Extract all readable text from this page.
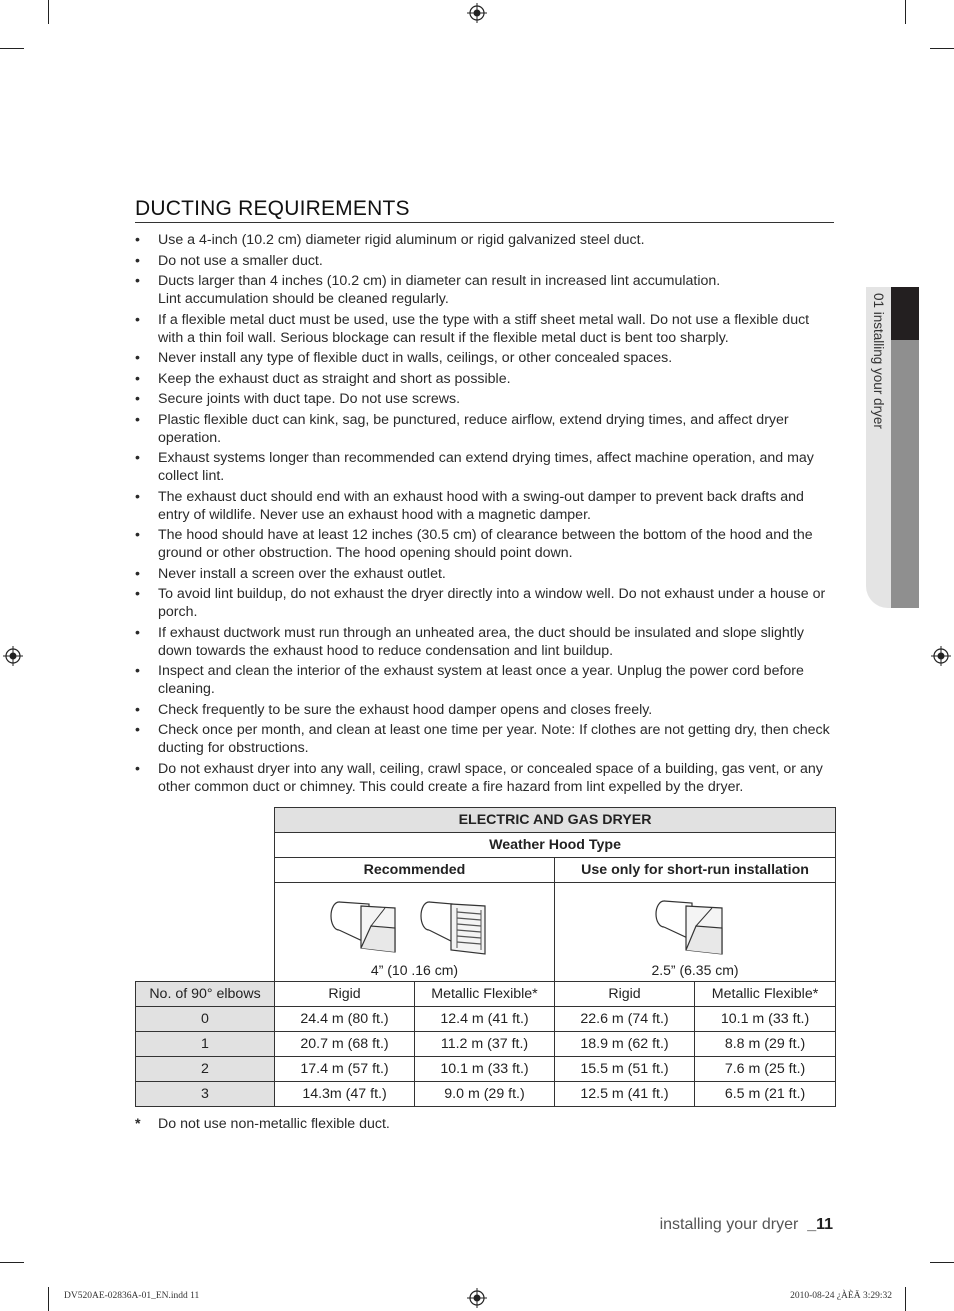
01 installing your dryer
DUCTING REQUIREMENTS
• Use a 4-inch (10.2 cm) diameter rigid aluminum or rigid galvanized steel duct.
• Do not use a smaller duct.
• Ducts larger than 4 inches (10.2 cm) in diameter can result in increased lint accumulation.
Lint accumulation should be cleaned regularly.
• If a flexible metal duct must be used, use the type with a stiff sheet metal wall. Do not use a flexible duct with a thin foil wall. Serious blockage can result if the flexible metal duct is bent too sharply.
• Never install any type of flexible duct in walls, ceilings, or other concealed spaces.
• Keep the exhaust duct as straight and short as possible.
• Secure joints with duct tape. Do not use screws.
• Plastic flexible duct can kink, sag, be punctured, reduce airflow, extend drying times, and affect dryer operation.
• Exhaust systems longer than recommended can extend drying times, affect machine operation, and may collect lint.
• The exhaust duct should end with an exhaust hood with a swing-out damper to prevent back drafts and entry of wildlife. Never use an exhaust hood with a magnetic damper.
• The hood should have at least 12 inches (30.5 cm) of clearance between the bottom of the hood and the ground or other obstruction. The hood opening should point down.
• Never install a screen over the exhaust outlet.
• To avoid lint buildup, do not exhaust the dryer directly into a window well. Do not exhaust under a house or porch.
• If exhaust ductwork must run through an unheated area, the duct should be insulated and slope slightly down towards the exhaust hood to reduce condensation and lint buildup.
• Inspect and clean the interior of the exhaust system at least once a year. Unplug the power cord before cleaning.
• Check frequently to be sure the exhaust hood damper opens and closes freely.
• Check once per month, and clean at least one time per year. Note: If clothes are not getting dry, then check ducting for obstructions.
• Do not exhaust dryer into any wall, ceiling, crawl space, or concealed space of a building, gas vent, or any other common duct or chimney. This could create a fire hazard from lint expelled by the dryer.
	ELECTRIC AND GAS DRYER			
	Weather Hood Type			
	Recommended		Use only for short-run installation	

	4” (10 .16 cm)		2.5” (6.35 cm)	

No. of 90° elbows	Rigid	Metallic Flexible*	Rigid	Metallic Flexible*
0	24.4 m (80 ft.)	12.4 m (41 ft.)	22.6 m (74 ft.)	10.1 m (33 ft.)
1	20.7 m (68 ft.)	11.2 m (37 ft.)	18.9 m (62 ft.)	8.8 m (29 ft.)
2	17.4 m (57 ft.)	10.1 m (33 ft.)	15.5 m (51 ft.)	7.6 m (25 ft.)
3	14.3m (47 ft.)	9.0 m (29 ft.)	12.5 m (41 ft.)	6.5 m (21 ft.)
* Do not use non-metallic flexible duct.
installing your dryer _11
DV520AE-02836A-01_EN.indd 11	2010-08-24 ¿ÀÈÄ 3:29:32
